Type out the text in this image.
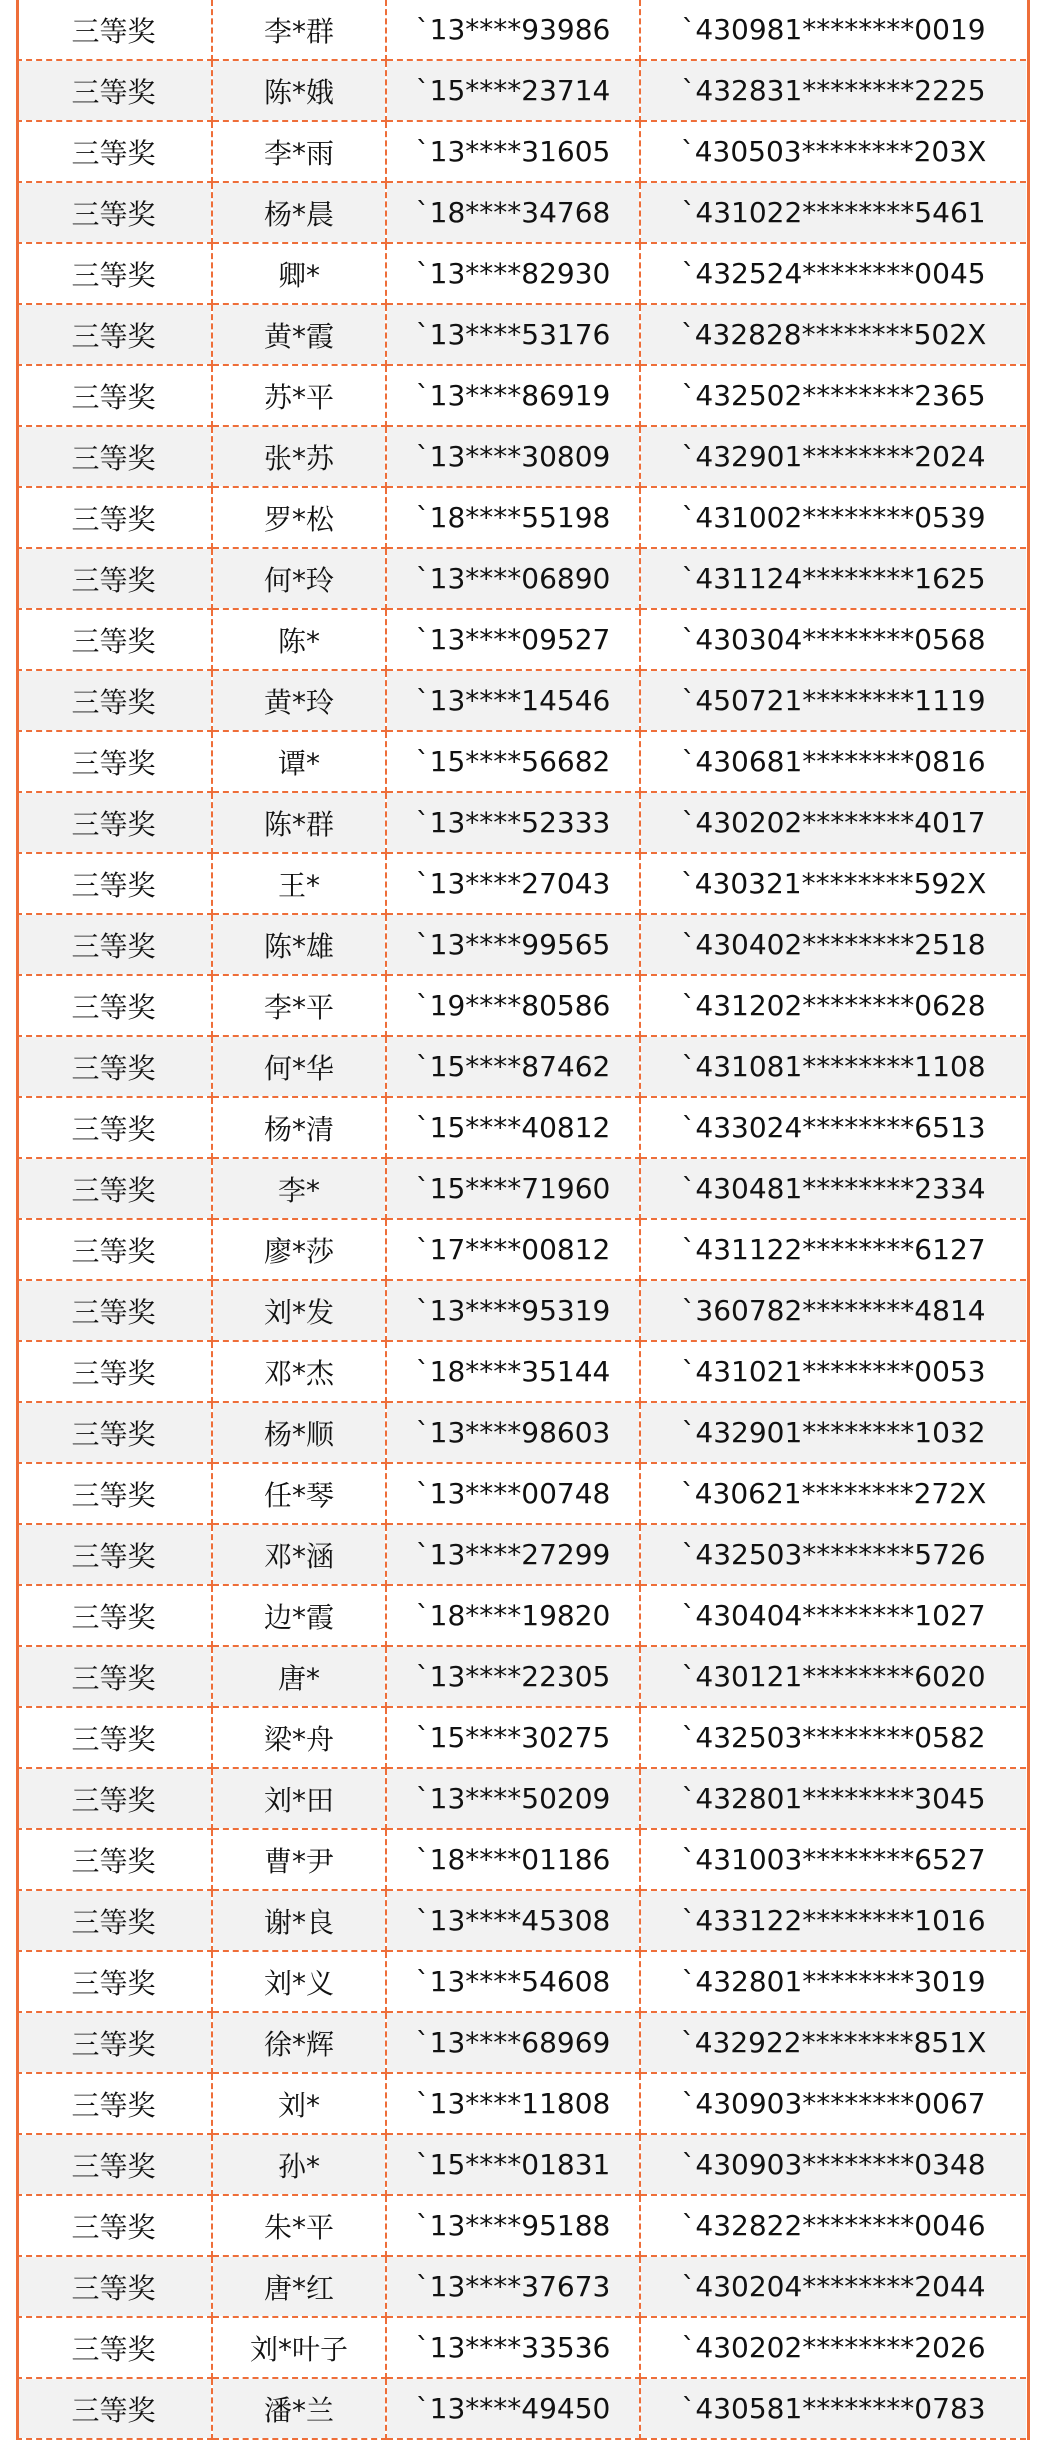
三等奖	李*群	`13****93986	`430981********0019
三等奖	陈*娥	`15****23714	`432831********2225
三等奖	李*雨	`13****31605	`430503********203X
三等奖	杨*晨	`18****34768	`431022********5461
三等奖	卿*	`13****82930	`432524********0045
三等奖	黄*霞	`13****53176	`432828********502X
三等奖	苏*平	`13****86919	`432502********2365
三等奖	张*苏	`13****30809	`432901********2024
三等奖	罗*松	`18****55198	`431002********0539
三等奖	何*玲	`13****06890	`431124********1625
三等奖	陈*	`13****09527	`430304********0568
三等奖	黄*玲	`13****14546	`450721********1119
三等奖	谭*	`15****56682	`430681********0816
三等奖	陈*群	`13****52333	`430202********4017
三等奖	王*	`13****27043	`430321********592X
三等奖	陈*雄	`13****99565	`430402********2518
三等奖	李*平	`19****80586	`431202********0628
三等奖	何*华	`15****87462	`431081********1108
三等奖	杨*清	`15****40812	`433024********6513
三等奖	李*	`15****71960	`430481********2334
三等奖	廖*莎	`17****00812	`431122********6127
三等奖	刘*发	`13****95319	`360782********4814
三等奖	邓*杰	`18****35144	`431021********0053
三等奖	杨*顺	`13****98603	`432901********1032
三等奖	任*琴	`13****00748	`430621********272X
三等奖	邓*涵	`13****27299	`432503********5726
三等奖	边*霞	`18****19820	`430404********1027
三等奖	唐*	`13****22305	`430121********6020
三等奖	梁*舟	`15****30275	`432503********0582
三等奖	刘*田	`13****50209	`432801********3045
三等奖	曹*尹	`18****01186	`431003********6527
三等奖	谢*良	`13****45308	`433122********1016
三等奖	刘*义	`13****54608	`432801********3019
三等奖	徐*辉	`13****68969	`432922********851X
三等奖	刘*	`13****11808	`430903********0067
三等奖	孙*	`15****01831	`430903********0348
三等奖	朱*平	`13****95188	`432822********0046
三等奖	唐*红	`13****37673	`430204********2044
三等奖	刘*叶子	`13****33536	`430202********2026
三等奖	潘*兰	`13****49450	`430581********0783
